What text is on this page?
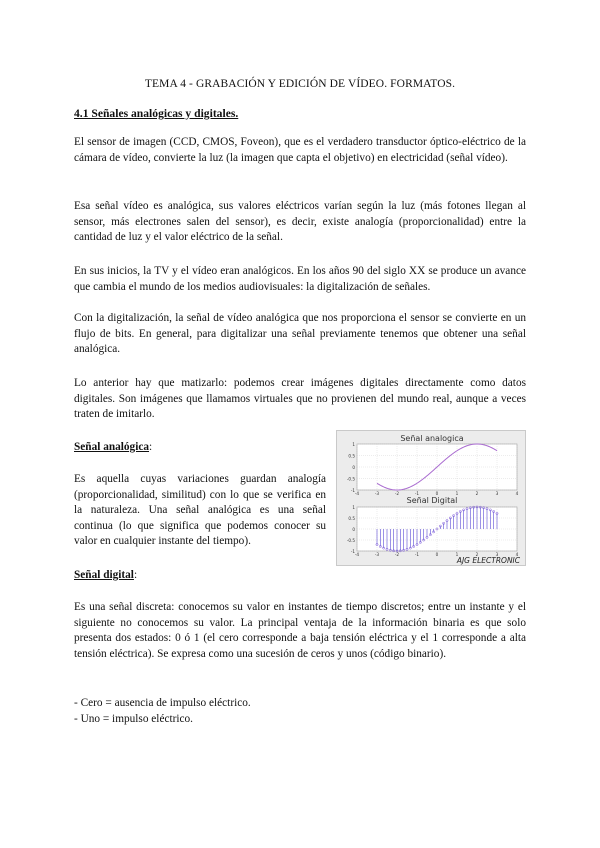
TEMA 4 - GRABACIÓN Y EDICIÓN DE VÍDEO. FORMATOS.
4.1 Señales analógicas y digitales.

El sensor de imagen (CCD, CMOS, Foveon), que es el verdadero transductor óptico-eléctrico de la cámara de vídeo, convierte la luz (la imagen que capta el objetivo) en electricidad (señal vídeo).

Esa señal vídeo es analógica, sus valores eléctricos varían según la luz (más fotones llegan al sensor, más electrones salen del sensor), es decir, existe analogía (proporcionalidad) entre la cantidad de luz y el valor eléctrico de la señal.

En sus inicios, la TV y el vídeo eran analógicos. En los años 90 del siglo XX se produce un avance que cambia el mundo de los medios audiovisuales: la digitalización de señales.

Con la digitalización, la señal de vídeo analógica que nos proporciona el sensor se convierte en un flujo de bits. En general, para digitalizar una señal previamente tenemos que obtener una señal analógica.

Lo anterior hay que matizarlo: podemos crear imágenes digitales directamente como datos digitales. Son imágenes que llamamos virtuales que no provienen del mundo real, aunque a veces traten de imitarlo.

Señal analógica:

Es aquella cuyas variaciones guardan analogía (proporcionalidad, similitud) con lo que se verifica en la naturaleza. Una señal analógica es una señal continua (lo que significa que podemos conocer su valor en cualquier instante del tiempo).

Señal analogica
1
0.5
0
-0.5
-1
-4	-3	-2	-1	0	1	2	3	4
Señal Digital
1
0.5
0
-0.5
-1
-4	-3	-2	-1	0	1	2	3	4
AJG ELECTRONIC
Señal digital:

Es una señal discreta: conocemos su valor en instantes de tiempo discretos; entre un instante y el siguiente no conocemos su valor. La principal ventaja de la información binaria es que solo presenta dos estados: 0 ó 1 (el cero corresponde a baja tensión eléctrica y el 1 corresponde a alta tensión eléctrica). Se expresa como una sucesión de ceros y unos (código binario).

- Cero = ausencia de impulso eléctrico.

- Uno = impulso eléctrico.
